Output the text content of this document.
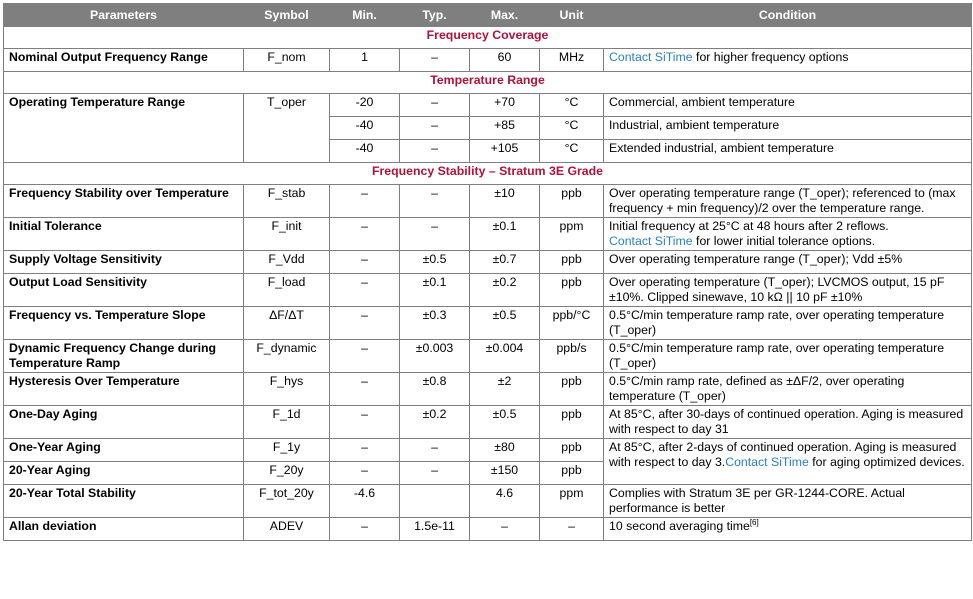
Parameters	Symbol	Min.	Typ.	Max.	Unit	Condition
Frequency Coverage						
Nominal Output Frequency Range	F_nom	1	–	60	MHz	Contact SiTime for higher frequency options
Temperature Range						
Operating Temperature Range	T_oper	-20	–	+70	°C	Commercial, ambient temperature
		-40	–	+85	°C	Industrial, ambient temperature
		-40	–	+105	°C	Extended industrial, ambient temperature
Frequency Stability – Stratum 3E Grade						
Frequency Stability over Temperature	F_stab	–	–	±10	ppb	Over operating temperature range (T_oper); referenced to (max frequency + min frequency)/2 over the temperature range.
Initial Tolerance	F_init	–	–	±0.1	ppm	Initial frequency at 25°C at 48 hours after 2 reflows.
Contact SiTime for lower initial tolerance options.
Supply Voltage Sensitivity	F_Vdd	–	±0.5	±0.7	ppb	Over operating temperature range (T_oper); Vdd ±5%
Output Load Sensitivity	F_load	–	±0.1	±0.2	ppb	Over operating temperature (T_oper); LVCMOS output, 15 pF ±10%. Clipped sinewave, 10 kΩ || 10 pF ±10%
Frequency vs. Temperature Slope	ΔF/ΔT	–	±0.3	±0.5	ppb/°C	0.5°C/min temperature ramp rate, over operating temperature (T_oper)
Dynamic Frequency Change during Temperature Ramp	F_dynamic	–	±0.003	±0.004	ppb/s	0.5°C/min temperature ramp rate, over operating temperature (T_oper)
Hysteresis Over Temperature	F_hys	–	±0.8	±2	ppb	0.5°C/min ramp rate, defined as ±ΔF/2, over operating temperature (T_oper)
One-Day Aging	F_1d	–	±0.2	±0.5	ppb	At 85°C, after 30-days of continued operation. Aging is measured with respect to day 31
One-Year Aging	F_1y	–	–	±80	ppb	At 85°C, after 2-days of continued operation. Aging is measured with respect to day 3.Contact SiTime for aging optimized devices.
20-Year Aging	F_20y	–	–	±150	ppb	
20-Year Total Stability	F_tot_20y	-4.6		4.6	ppm	Complies with Stratum 3E per GR-1244-CORE. Actual performance is better
Allan deviation	ADEV	–	1.5e-11	–	–	10 second averaging time[6]
